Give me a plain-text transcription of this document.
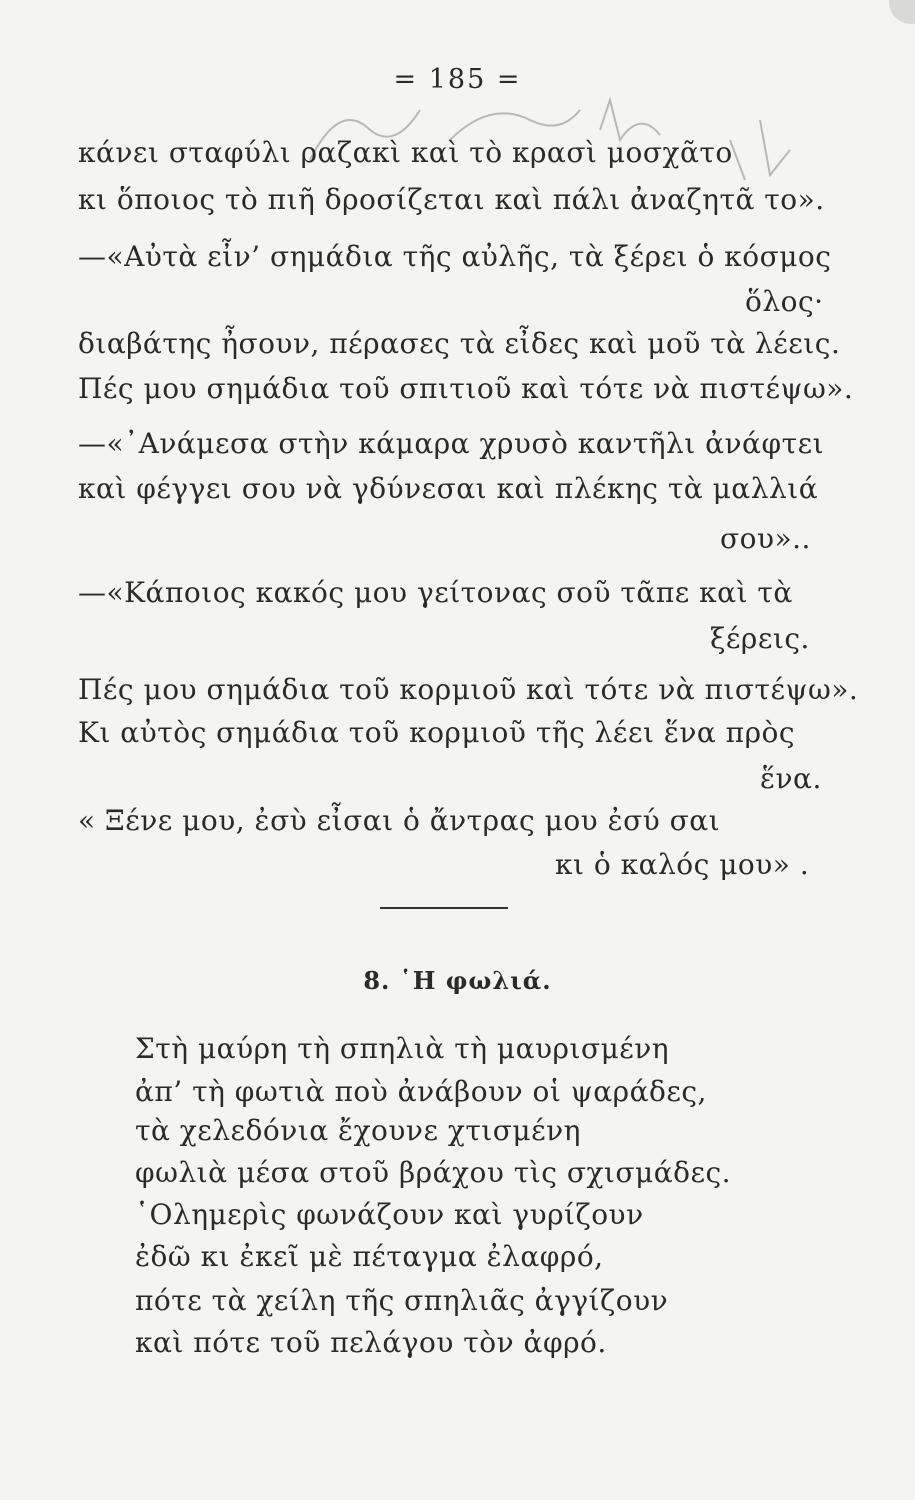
= 185 =
κάνει σταφύλι ραζακὶ καὶ τὸ κρασὶ μοσχᾶτο
κι ὅποιος τὸ πιῆ δροσίζεται καὶ πάλι ἀναζητᾶ το».
—«Αὐτὰ εἶν’ σημάδια τῆς αὐλῆς, τὰ ξέρει ὁ κόσμος
ὅλος·
διαβάτης ἦσουν, πέρασες τὰ εἶδες καὶ μοῦ τὰ λέεις.
Πές μου σημάδια τοῦ σπιτιοῦ καὶ τότε νὰ πιστέψω».
—«᾿Ανάμεσα στὴν κάμαρα χρυσὸ καντῆλι ἀνάφτει
καὶ φέγγει σου νὰ γδύνεσαι καὶ πλέκης τὰ μαλλιά
σου»..
—«Κάποιος κακός μου γείτονας σοῦ τᾶπε καὶ τὰ
ξέρεις.
Πές μου σημάδια τοῦ κορμιοῦ καὶ τότε νὰ πιστέψω».
Κι αὐτὸς σημάδια τοῦ κορμιοῦ τῆς λέει ἕνα πρὸς
ἕνα.
« Ξένε μου, ἐσὺ εἶσαι ὁ ἄντρας μου ἐσύ σαι
κι ὁ καλός μου» .
8. ῾Η φωλιά.
Στὴ μαύρη τὴ σπηλιὰ τὴ μαυρισμένη
ἀπ’ τὴ φωτιὰ ποὺ ἀνάβουν οἱ ψαράδες,
τὰ χελεδόνια ἔχουνε χτισμένη
φωλιὰ μέσα στοῦ βράχου τὶς σχισμάδες.
῾Ολημερὶς φωνάζουν καὶ γυρίζουν
ἐδῶ κι ἐκεῖ μὲ πέταγμα ἐλαφρό,
πότε τὰ χείλη τῆς σπηλιᾶς ἀγγίζουν
καὶ πότε τοῦ πελάγου τὸν ἀφρό.
